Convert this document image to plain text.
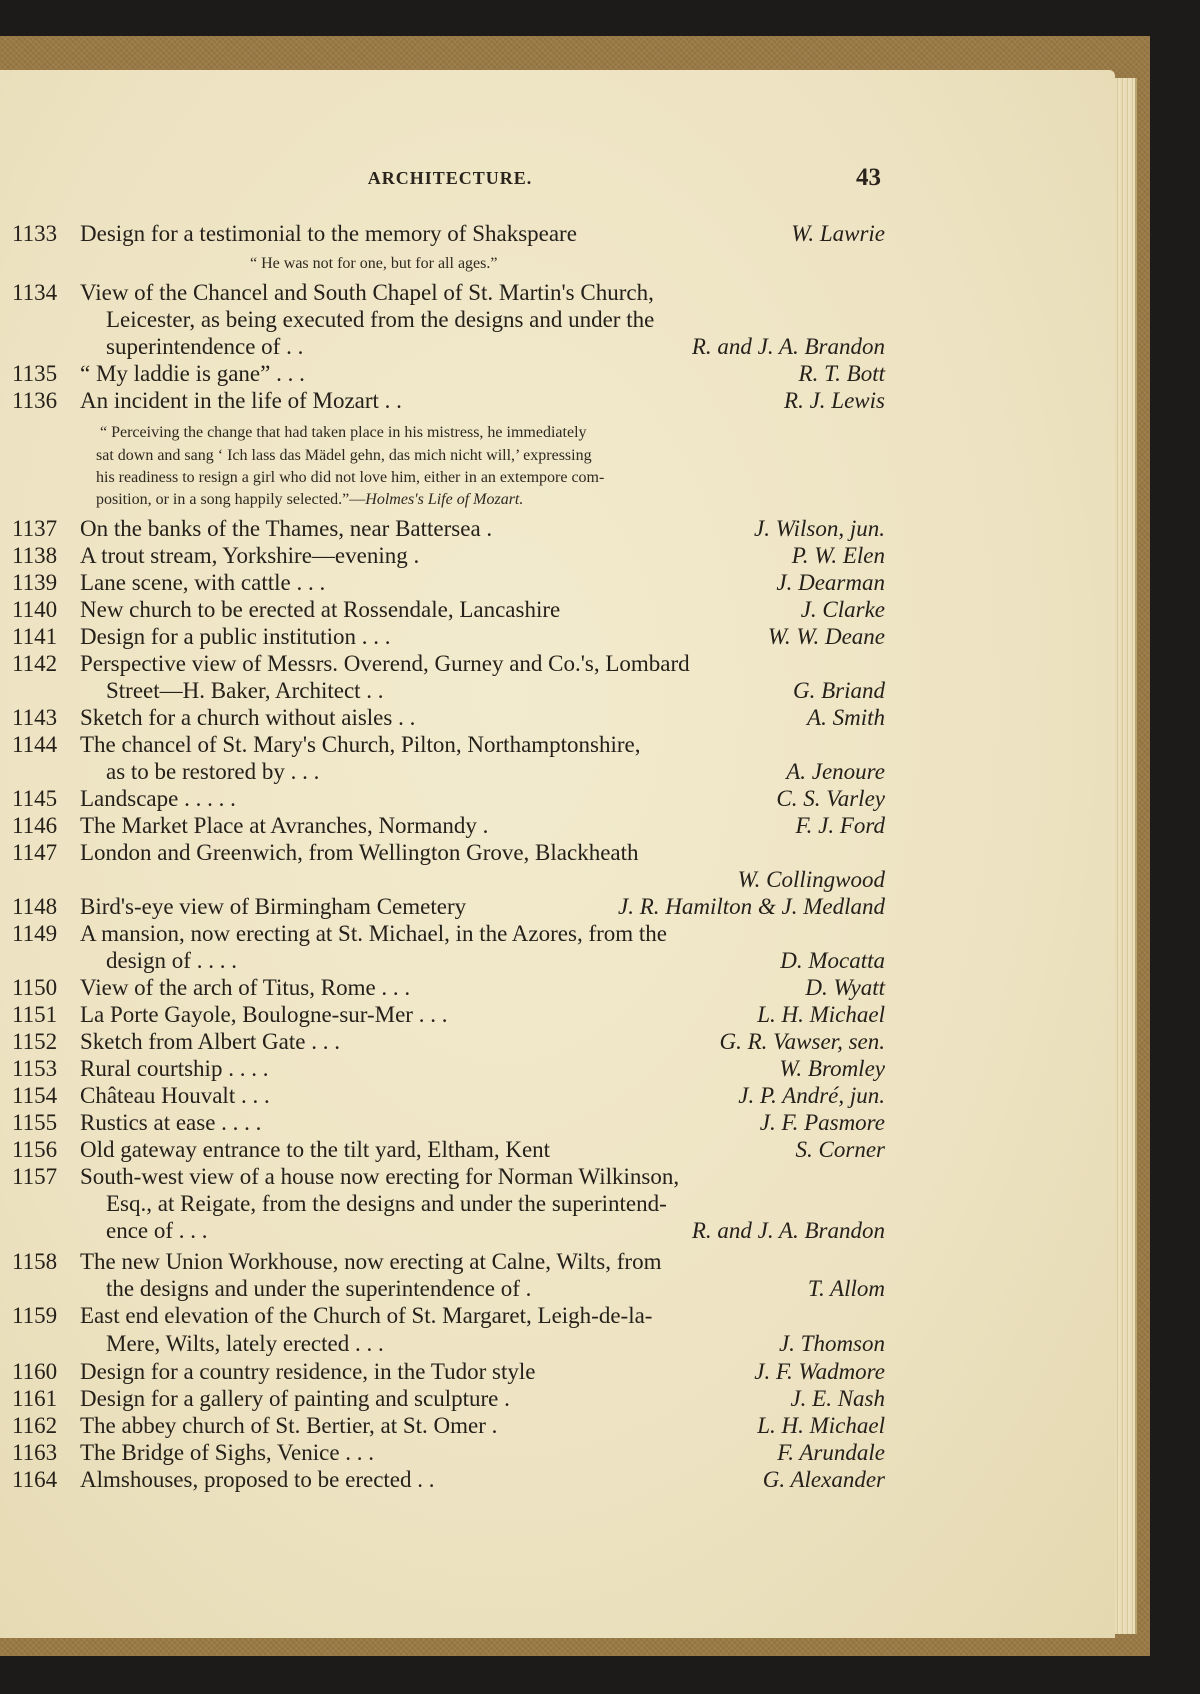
ARCHITECTURE.	43
1133 Design for a testimonial to the memory of Shakspeare	W. Lawrie
“ He was not for one, but for all ages.”
1134 View of the Chancel and South Chapel of St. Martin's Church,
Leicester, as being executed from the designs and under the
superintendence of . .	R. and J. A. Brandon
1135 “ My laddie is gane” . . .	R. T. Bott
1136 An incident in the life of Mozart . .	R. J. Lewis
“ Perceiving the change that had taken place in his mistress, he immediately
sat down and sang ‘ Ich lass das Mädel gehn, das mich nicht will,’ expressing
his readiness to resign a girl who did not love him, either in an extempore com-
position, or in a song happily selected.”—Holmes's Life of Mozart.
1137 On the banks of the Thames, near Battersea .	J. Wilson, jun.
1138 A trout stream, Yorkshire—evening .	P. W. Elen
1139 Lane scene, with cattle . . .	J. Dearman
1140 New church to be erected at Rossendale, Lancashire	J. Clarke
1141 Design for a public institution . . .	W. W. Deane
1142 Perspective view of Messrs. Overend, Gurney and Co.'s, Lombard
Street—H. Baker, Architect . .	G. Briand
1143 Sketch for a church without aisles . .	A. Smith
1144 The chancel of St. Mary's Church, Pilton, Northamptonshire,
as to be restored by . . .	A. Jenoure
1145 Landscape . . . . .	C. S. Varley
1146 The Market Place at Avranches, Normandy .	F. J. Ford
1147 London and Greenwich, from Wellington Grove, Blackheath
W. Collingwood
1148 Bird's-eye view of Birmingham Cemetery	J. R. Hamilton & J. Medland
1149 A mansion, now erecting at St. Michael, in the Azores, from the
design of . . . .	D. Mocatta
1150 View of the arch of Titus, Rome . . .	D. Wyatt
1151 La Porte Gayole, Boulogne-sur-Mer . . .	L. H. Michael
1152 Sketch from Albert Gate . . .	G. R. Vawser, sen.
1153 Rural courtship . . . .	W. Bromley
1154 Château Houvalt . . .	J. P. André, jun.
1155 Rustics at ease . . . .	J. F. Pasmore
1156 Old gateway entrance to the tilt yard, Eltham, Kent	S. Corner
1157 South-west view of a house now erecting for Norman Wilkinson,
Esq., at Reigate, from the designs and under the superintend-
ence of . . .	R. and J. A. Brandon
1158 The new Union Workhouse, now erecting at Calne, Wilts, from
the designs and under the superintendence of .	T. Allom
1159 East end elevation of the Church of St. Margaret, Leigh-de-la-
Mere, Wilts, lately erected . . .	J. Thomson
1160 Design for a country residence, in the Tudor style	J. F. Wadmore
1161 Design for a gallery of painting and sculpture .	J. E. Nash
1162 The abbey church of St. Bertier, at St. Omer .	L. H. Michael
1163 The Bridge of Sighs, Venice . . .	F. Arundale
1164 Almshouses, proposed to be erected . .	G. Alexander
